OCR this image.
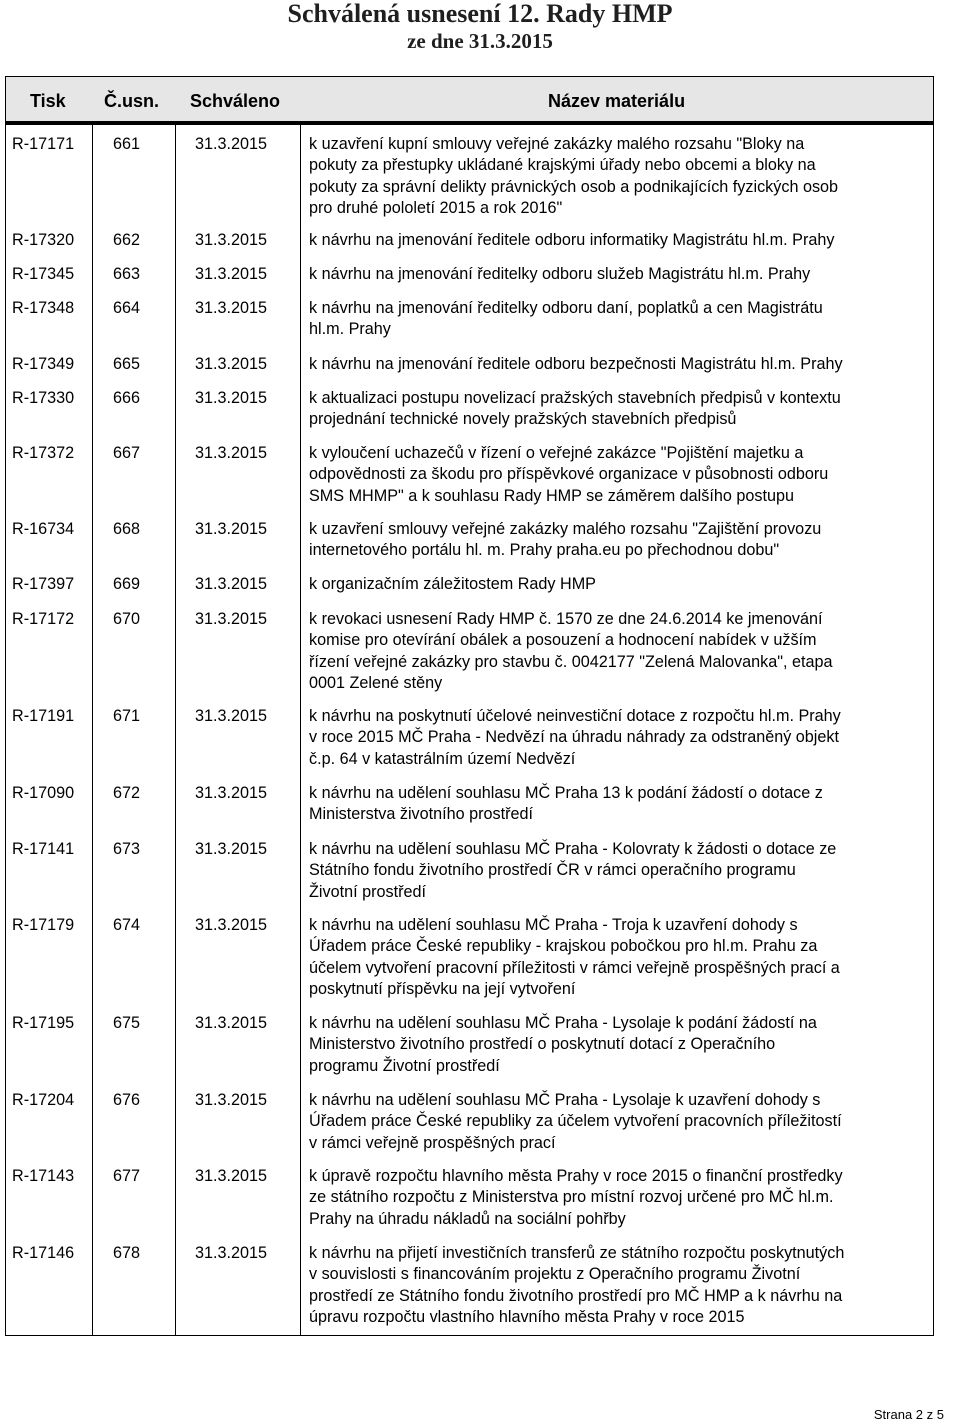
Schválená usnesení 12. Rady HMP
ze dne 31.3.2015
Tisk Č.usn. Schváleno	Název materiálu
R-17171 661	31.3.2015	k uzavření kupní smlouvy veřejné zakázky malého rozsahu "Bloky na
pokuty za přestupky ukládané krajskými úřady nebo obcemi a bloky na
pokuty za správní delikty právnických osob a podnikajících fyzických osob
pro druhé pololetí 2015 a rok 2016"
R-17320 662	31.3.2015	k návrhu na jmenování ředitele odboru informatiky Magistrátu hl.m. Prahy
R-17345 663	31.3.2015	k návrhu na jmenování ředitelky odboru služeb Magistrátu hl.m. Prahy
R-17348 664	31.3.2015	k návrhu na jmenování ředitelky odboru daní, poplatků a cen Magistrátu
hl.m. Prahy
R-17349 665	31.3.2015	k návrhu na jmenování ředitele odboru bezpečnosti Magistrátu hl.m. Prahy
R-17330 666	31.3.2015	k aktualizaci postupu novelizací pražských stavebních předpisů v kontextu
projednání technické novely pražských stavebních předpisů
R-17372 667	31.3.2015	k vyloučení uchazečů v řízení o veřejné zakázce "Pojištění majetku a
odpovědnosti za škodu pro příspěvkové organizace v působnosti odboru
SMS MHMP" a k souhlasu Rady HMP se záměrem dalšího postupu
R-16734 668	31.3.2015	k uzavření smlouvy veřejné zakázky malého rozsahu "Zajištění provozu
internetového portálu hl. m. Prahy praha.eu po přechodnou dobu"
R-17397 669	31.3.2015	k organizačním záležitostem Rady HMP
R-17172 670	31.3.2015	k revokaci usnesení Rady HMP č. 1570 ze dne 24.6.2014 ke jmenování
komise pro otevírání obálek a posouzení a hodnocení nabídek v užším
řízení veřejné zakázky pro stavbu č. 0042177 "Zelená Malovanka", etapa
0001 Zelené stěny
R-17191 671	31.3.2015	k návrhu na poskytnutí účelové neinvestiční dotace z rozpočtu hl.m. Prahy
v roce 2015 MČ Praha - Nedvězí na úhradu náhrady za odstraněný objekt
č.p. 64 v katastrálním území Nedvězí
R-17090 672	31.3.2015	k návrhu na udělení souhlasu MČ Praha 13 k podání žádostí o dotace z
Ministerstva životního prostředí
R-17141 673	31.3.2015	k návrhu na udělení souhlasu MČ Praha - Kolovraty k žádosti o dotace ze
Státního fondu životního prostředí ČR v rámci operačního programu
Životní prostředí
R-17179 674	31.3.2015	k návrhu na udělení souhlasu MČ Praha - Troja k uzavření dohody s
Úřadem práce České republiky - krajskou pobočkou pro hl.m. Prahu za
účelem vytvoření pracovní příležitosti v rámci veřejně prospěšných prací a
poskytnutí příspěvku na její vytvoření
R-17195 675	31.3.2015	k návrhu na udělení souhlasu MČ Praha - Lysolaje k podání žádostí na
Ministerstvo životního prostředí o poskytnutí dotací z Operačního
programu Životní prostředí
R-17204 676	31.3.2015	k návrhu na udělení souhlasu MČ Praha - Lysolaje k uzavření dohody s
Úřadem práce České republiky za účelem vytvoření pracovních příležitostí
v rámci veřejně prospěšných prací
R-17143 677	31.3.2015	k úpravě rozpočtu hlavního města Prahy v roce 2015 o finanční prostředky
ze státního rozpočtu z Ministerstva pro místní rozvoj určené pro MČ hl.m.
Prahy na úhradu nákladů na sociální pohřby
R-17146 678	31.3.2015	k návrhu na přijetí investičních transferů ze státního rozpočtu poskytnutých
v souvislosti s financováním projektu z Operačního programu Životní
prostředí ze Státního fondu životního prostředí pro MČ HMP a k návrhu na
úpravu rozpočtu vlastního hlavního města Prahy v roce 2015
Strana 2 z 5
